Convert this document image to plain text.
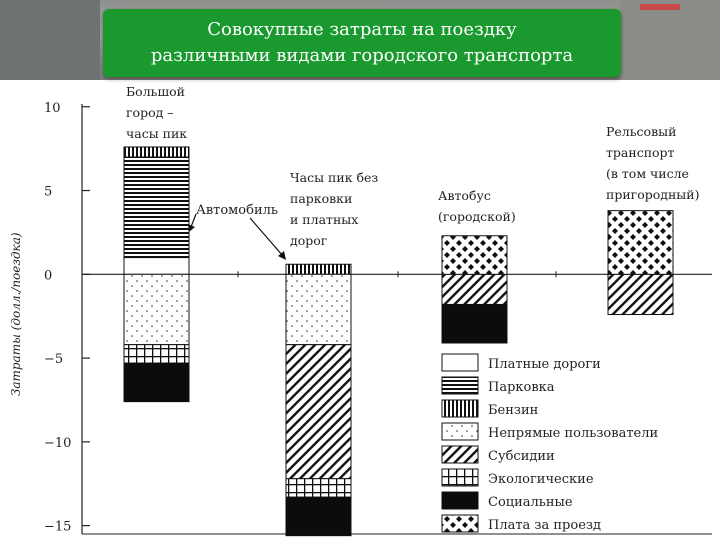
Совокупные затраты на поездку
различными видами городского транспорта
10
5
0
−5
−10
−15
Затраты (долл./поездка)
Большой город – часы пик
Часы пик без парковки и платных дорог
Автобус (городской)
Рельсовый транспорт (в том числе пригородный)
Автомобиль
Платные дороги
Парковка
Бензин
Непрямые пользователи
Субсидии
Экологические
Социальные
Плата за проезд
